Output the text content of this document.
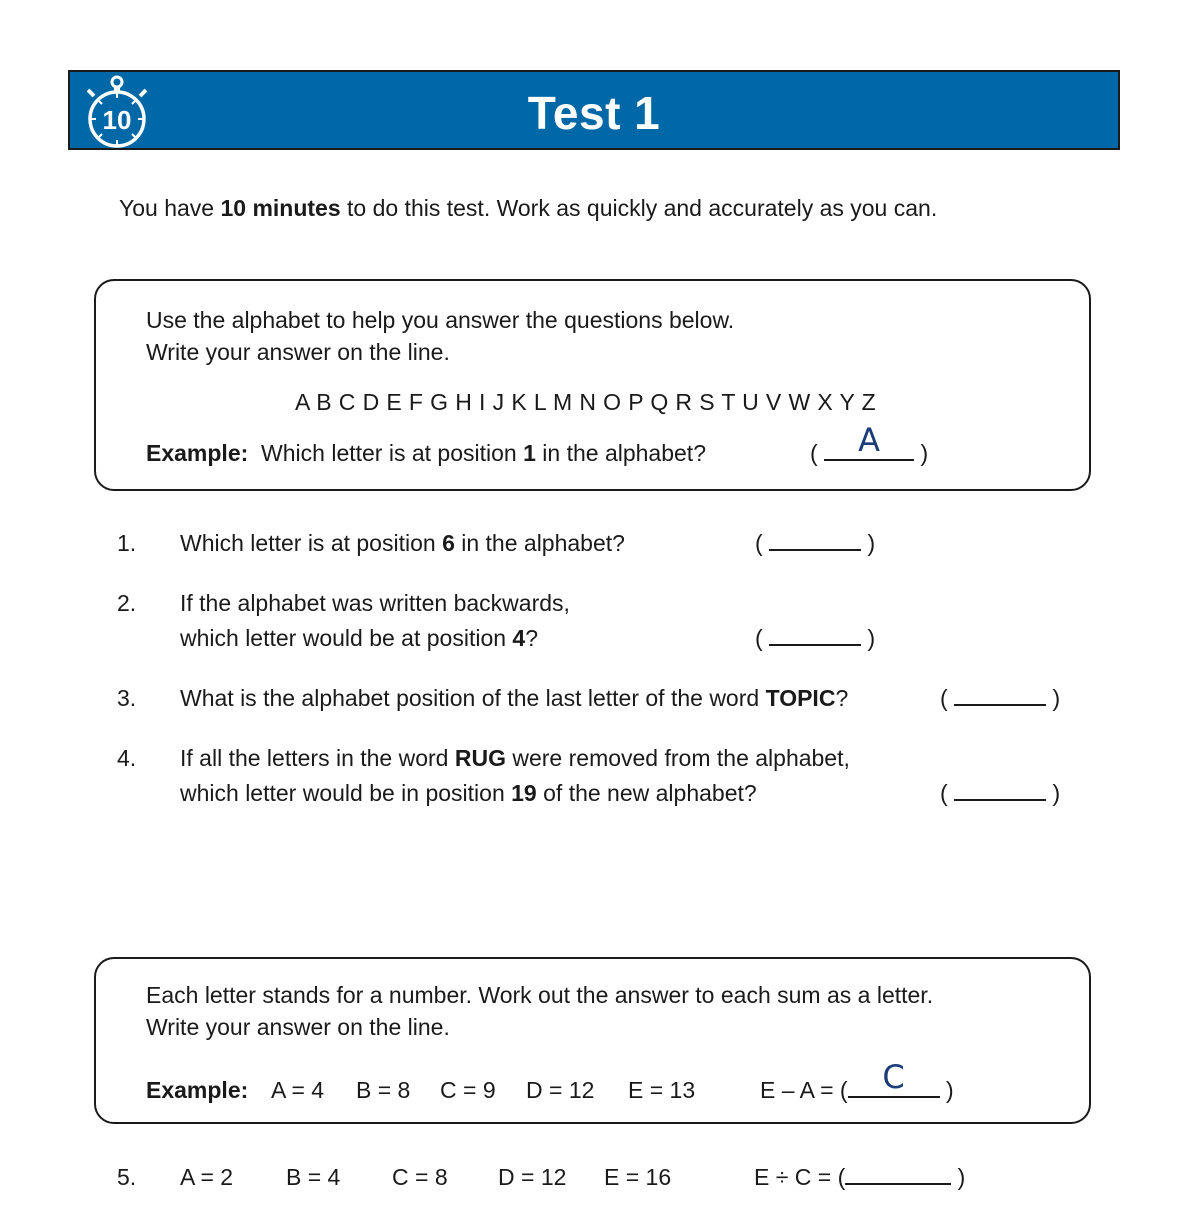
10	Test 1
You have 10 minutes to do this test. Work as quickly and accurately as you can.
Use the alphabet to help you answer the questions below.
Write your answer on the line.
A B C D E F G H I J K L M N O P Q R S T U V W X Y Z
Example: Which letter is at position 1 in the alphabet?	(	A	)
1. Which letter is at position 6 in the alphabet?	(	)
2. If the alphabet was written backwards,
which letter would be at position 4?	(	)
3. What is the alphabet position of the last letter of the word TOPIC?	(	)
4. If all the letters in the word RUG were removed from the alphabet,
which letter would be in position 19 of the new alphabet?	(	)
Each letter stands for a number. Work out the answer to each sum as a letter.
Write your answer on the line.
Example: A = 4 B = 8 C = 9 D = 12 E = 13	E – A = (	C	)
5. A = 2 B = 4 C = 8 D = 12 E = 16	E ÷ C = (	)
